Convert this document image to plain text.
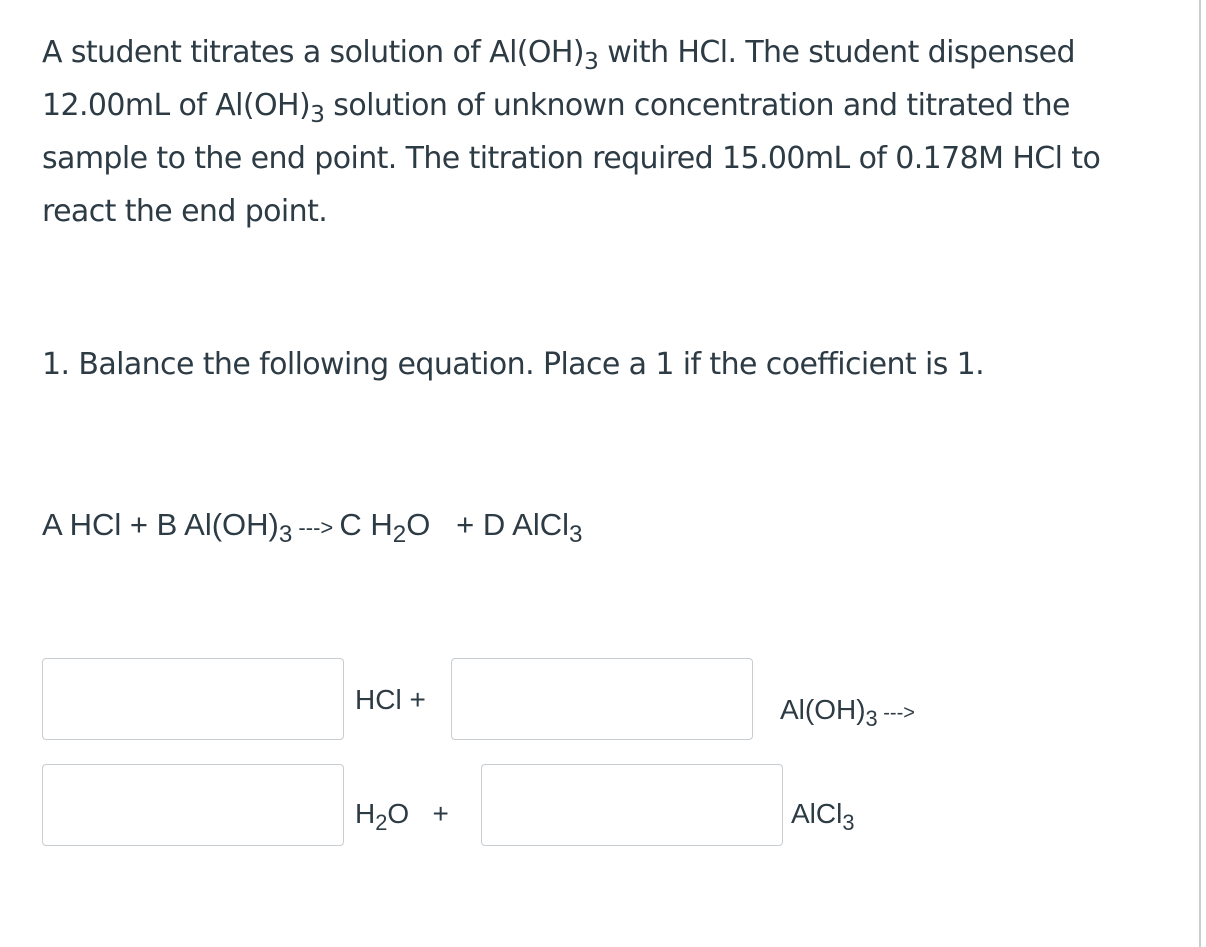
A student titrates a solution of $Al(OH)_3$ with HCl. The student dispensed 12.00mL of $Al(OH)_3$ solution of unknown concentration and titrated the sample to the end point. The titration required 15.00mL of 0.178M HCl to react the end point.

1. Balance the following equation. Place a 1 if the coefficient is 1.

A HCl + B $Al(OH)_3$ ---> C $H_2O + D$ AlCl$_3$

HCl +	$Al(OH)_3$ --->
$H_2O$   +	AlCl$_3$
